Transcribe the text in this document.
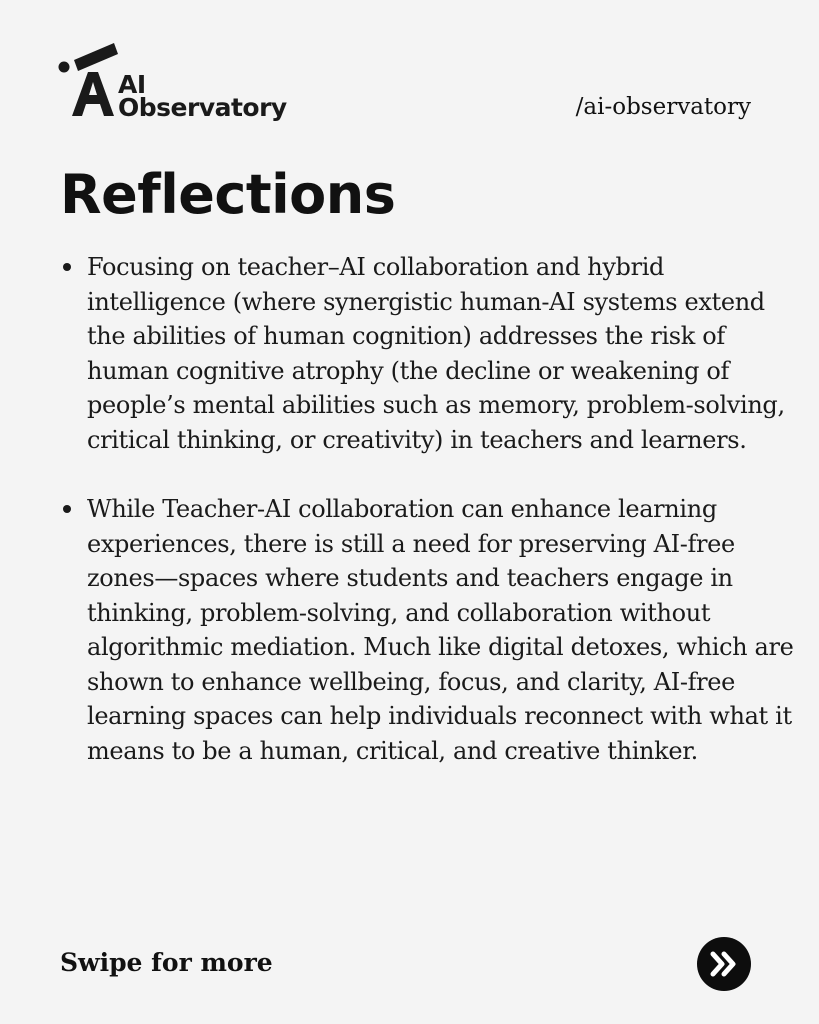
AI
Observatory	/ai-observatory
Reflections
Focusing on teacher–AI collaboration and hybrid intelligence (where synergistic human-AI systems extend the abilities of human cognition) addresses the risk of human cognitive atrophy (the decline or weakening of people’s mental abilities such as memory, problem-solving, critical thinking, or creativity) in teachers and learners.
While Teacher-AI collaboration can enhance learning experiences, there is still a need for preserving AI-free zones—spaces where students and teachers engage in thinking, problem-solving, and collaboration without algorithmic mediation. Much like digital detoxes, which are shown to enhance wellbeing, focus, and clarity, AI-free learning spaces can help individuals reconnect with what it means to be a human, critical, and creative thinker.
Swipe for more
